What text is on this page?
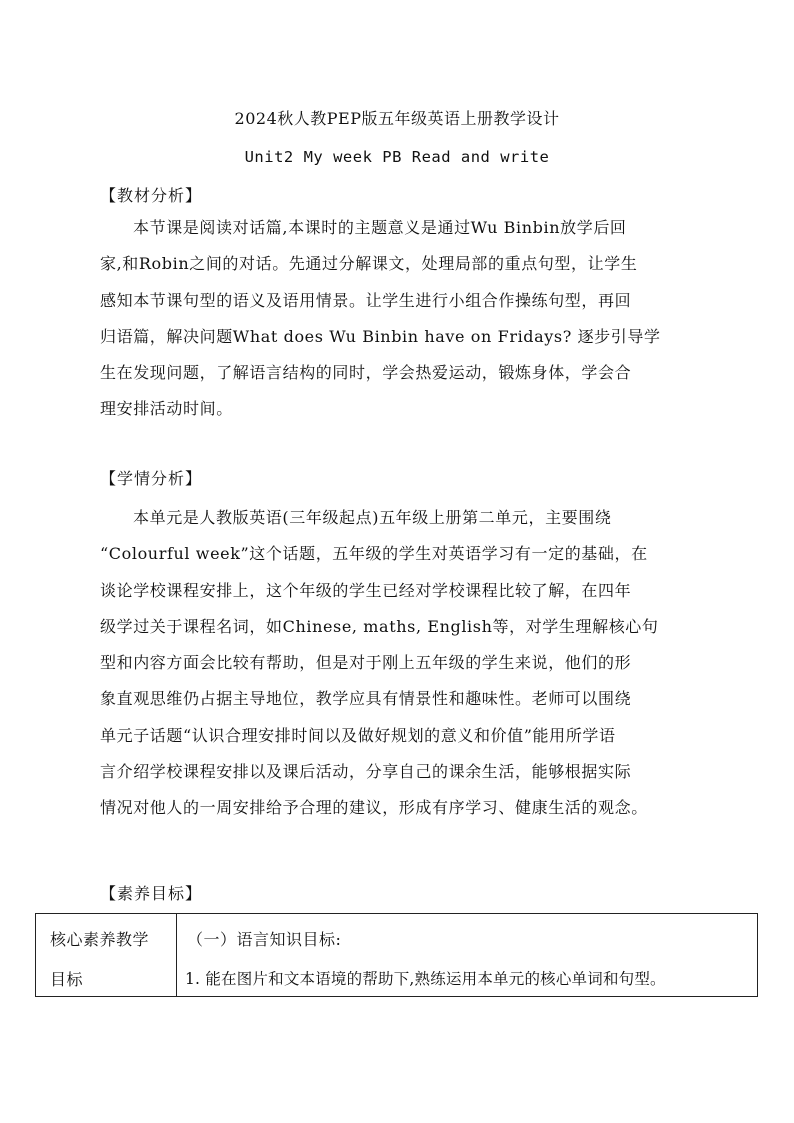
2024秋人教PEP版五年级英语上册教学设计
Unit2 My week PB Read and write
【教材分析】
本节课是阅读对话篇,本课时的主题意义是通过Wu Binbin放学后回
家,和Robin之间的对话。先通过分解课文，处理局部的重点句型，让学生
感知本节课句型的语义及语用情景。让学生进行小组合作操练句型，再回
归语篇，解决问题What does Wu Binbin have on Fridays? 逐步引导学
生在发现问题，了解语言结构的同时，学会热爱运动，锻炼身体，学会合
理安排活动时间。
【学情分析】
本单元是人教版英语(三年级起点)五年级上册第二单元，主要围绕
“Colourful week”这个话题，五年级的学生对英语学习有一定的基础，在
谈论学校课程安排上，这个年级的学生已经对学校课程比较了解，在四年
级学过关于课程名词，如Chinese, maths, English等，对学生理解核心句
型和内容方面会比较有帮助，但是对于刚上五年级的学生来说，他们的形
象直观思维仍占据主导地位，教学应具有情景性和趣味性。老师可以围绕
单元子话题“认识合理安排时间以及做好规划的意义和价值”能用所学语
言介绍学校课程安排以及课后活动，分享自己的课余生活，能够根据实际
情况对他人的一周安排给予合理的建议，形成有序学习、健康生活的观念。
【素养目标】
核心素养教学
目标
（一）语言知识目标:
1. 能在图片和文本语境的帮助下,熟练运用本单元的核心单词和句型。
